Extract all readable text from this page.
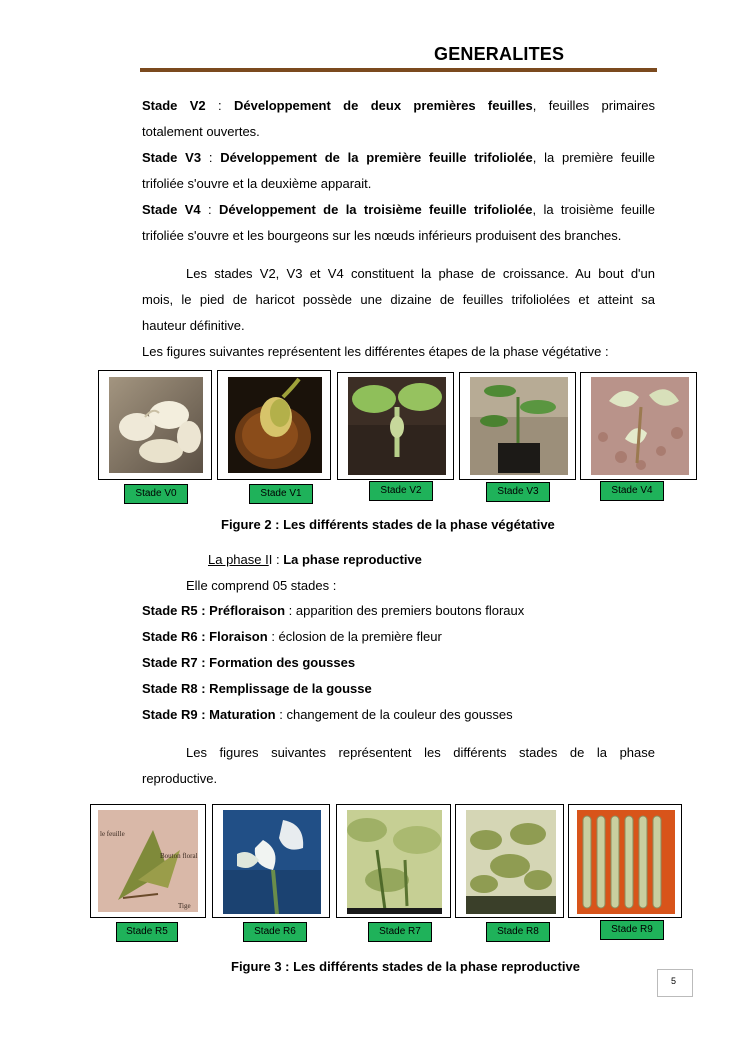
GENERALITES
Stade V2 : Développement de deux premières feuilles, feuilles primaires
totalement ouvertes.
Stade V3 : Développement de la première feuille trifoliolée, la première feuille
trifoliée s'ouvre et la deuxième apparait.
Stade V4 : Développement de la troisième feuille trifoliolée, la troisième feuille
trifoliée s'ouvre et les bourgeons sur les nœuds inférieurs produisent des branches.
Les stades V2, V3 et V4 constituent la phase de croissance. Au bout d'un
mois, le pied de haricot possède une dizaine de feuilles trifoliolées et atteint sa
hauteur définitive.
Les figures suivantes représentent les différentes étapes de la phase végétative :
Stade V0	Stade V1	Stade V2	Stade V3	Stade V4
Figure 2 : Les différents stades de la phase végétative
La phase II : La phase reproductive
Elle comprend 05 stades :
Stade R5 : Préfloraison : apparition des premiers boutons floraux
Stade R6 : Floraison : éclosion de la première fleur
Stade R7 : Formation des gousses
Stade R8 : Remplissage de la gousse
Stade R9 : Maturation : changement de la couleur des gousses
Les figures suivantes représentent les différents stades de la phase
reproductive.
le feuille
Bouton floral
Tige
Stade R5	Stade R6	Stade R7	Stade R8	Stade R9
Figure 3 : Les différents stades de la phase reproductive
5
